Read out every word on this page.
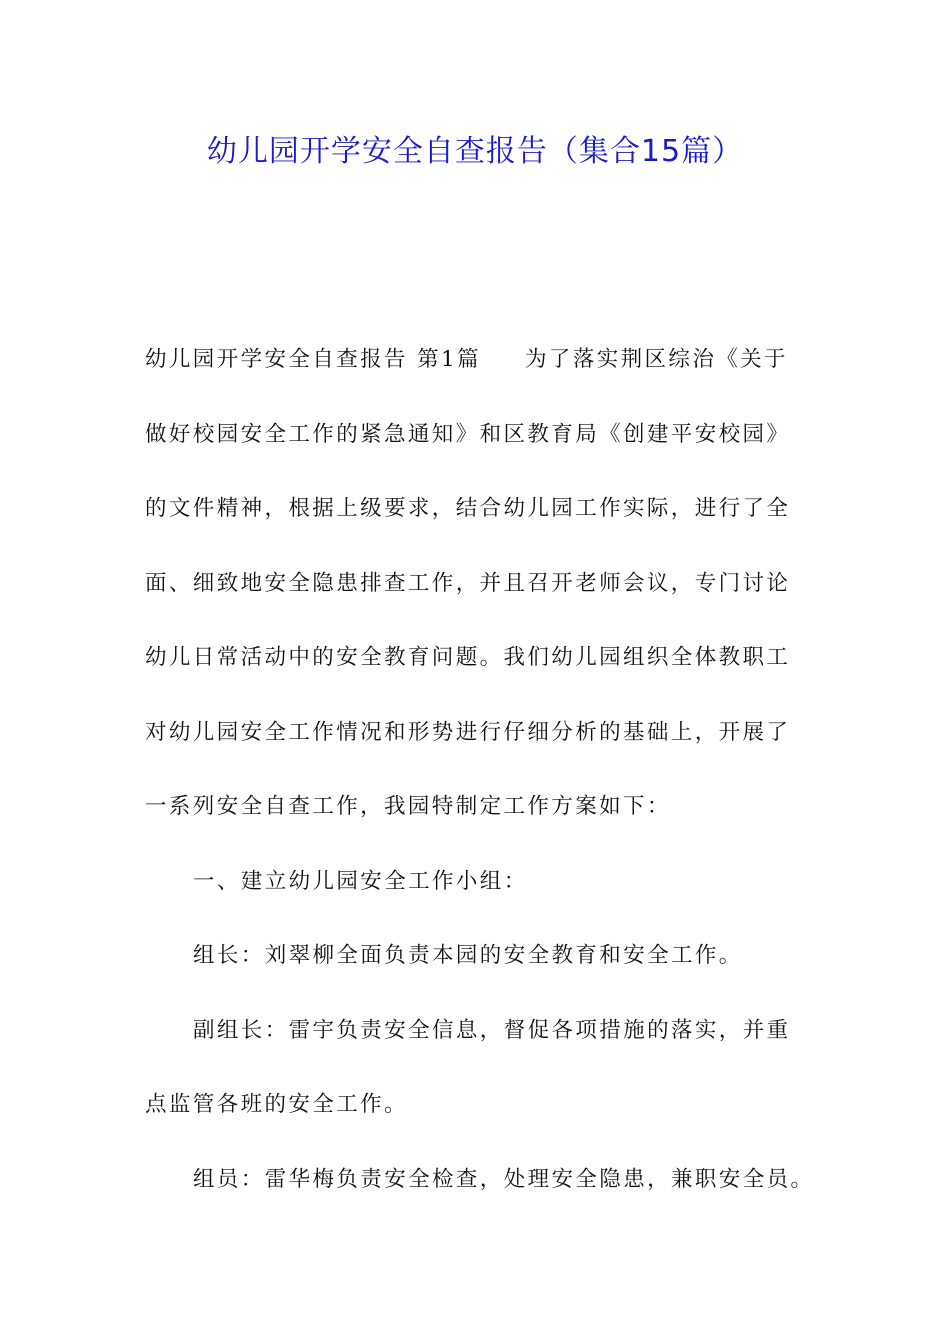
幼儿园开学安全自查报告（集合15篇）
幼儿园开学安全自查报告 第1篇 为了落实荆区综治《关于
做好校园安全工作的紧急通知》和区教育局《创建平安校园》
的文件精神，根据上级要求，结合幼儿园工作实际，进行了全
面、细致地安全隐患排查工作，并且召开老师会议，专门讨论
幼儿日常活动中的安全教育问题。我们幼儿园组织全体教职工
对幼儿园安全工作情况和形势进行仔细分析的基础上，开展了
一系列安全自查工作，我园特制定工作方案如下：
一、建立幼儿园安全工作小组：
组长：刘翠柳全面负责本园的安全教育和安全工作。
副组长：雷宇负责安全信息，督促各项措施的落实，并重
点监管各班的安全工作。
组员：雷华梅负责安全检查，处理安全隐患，兼职安全员。
